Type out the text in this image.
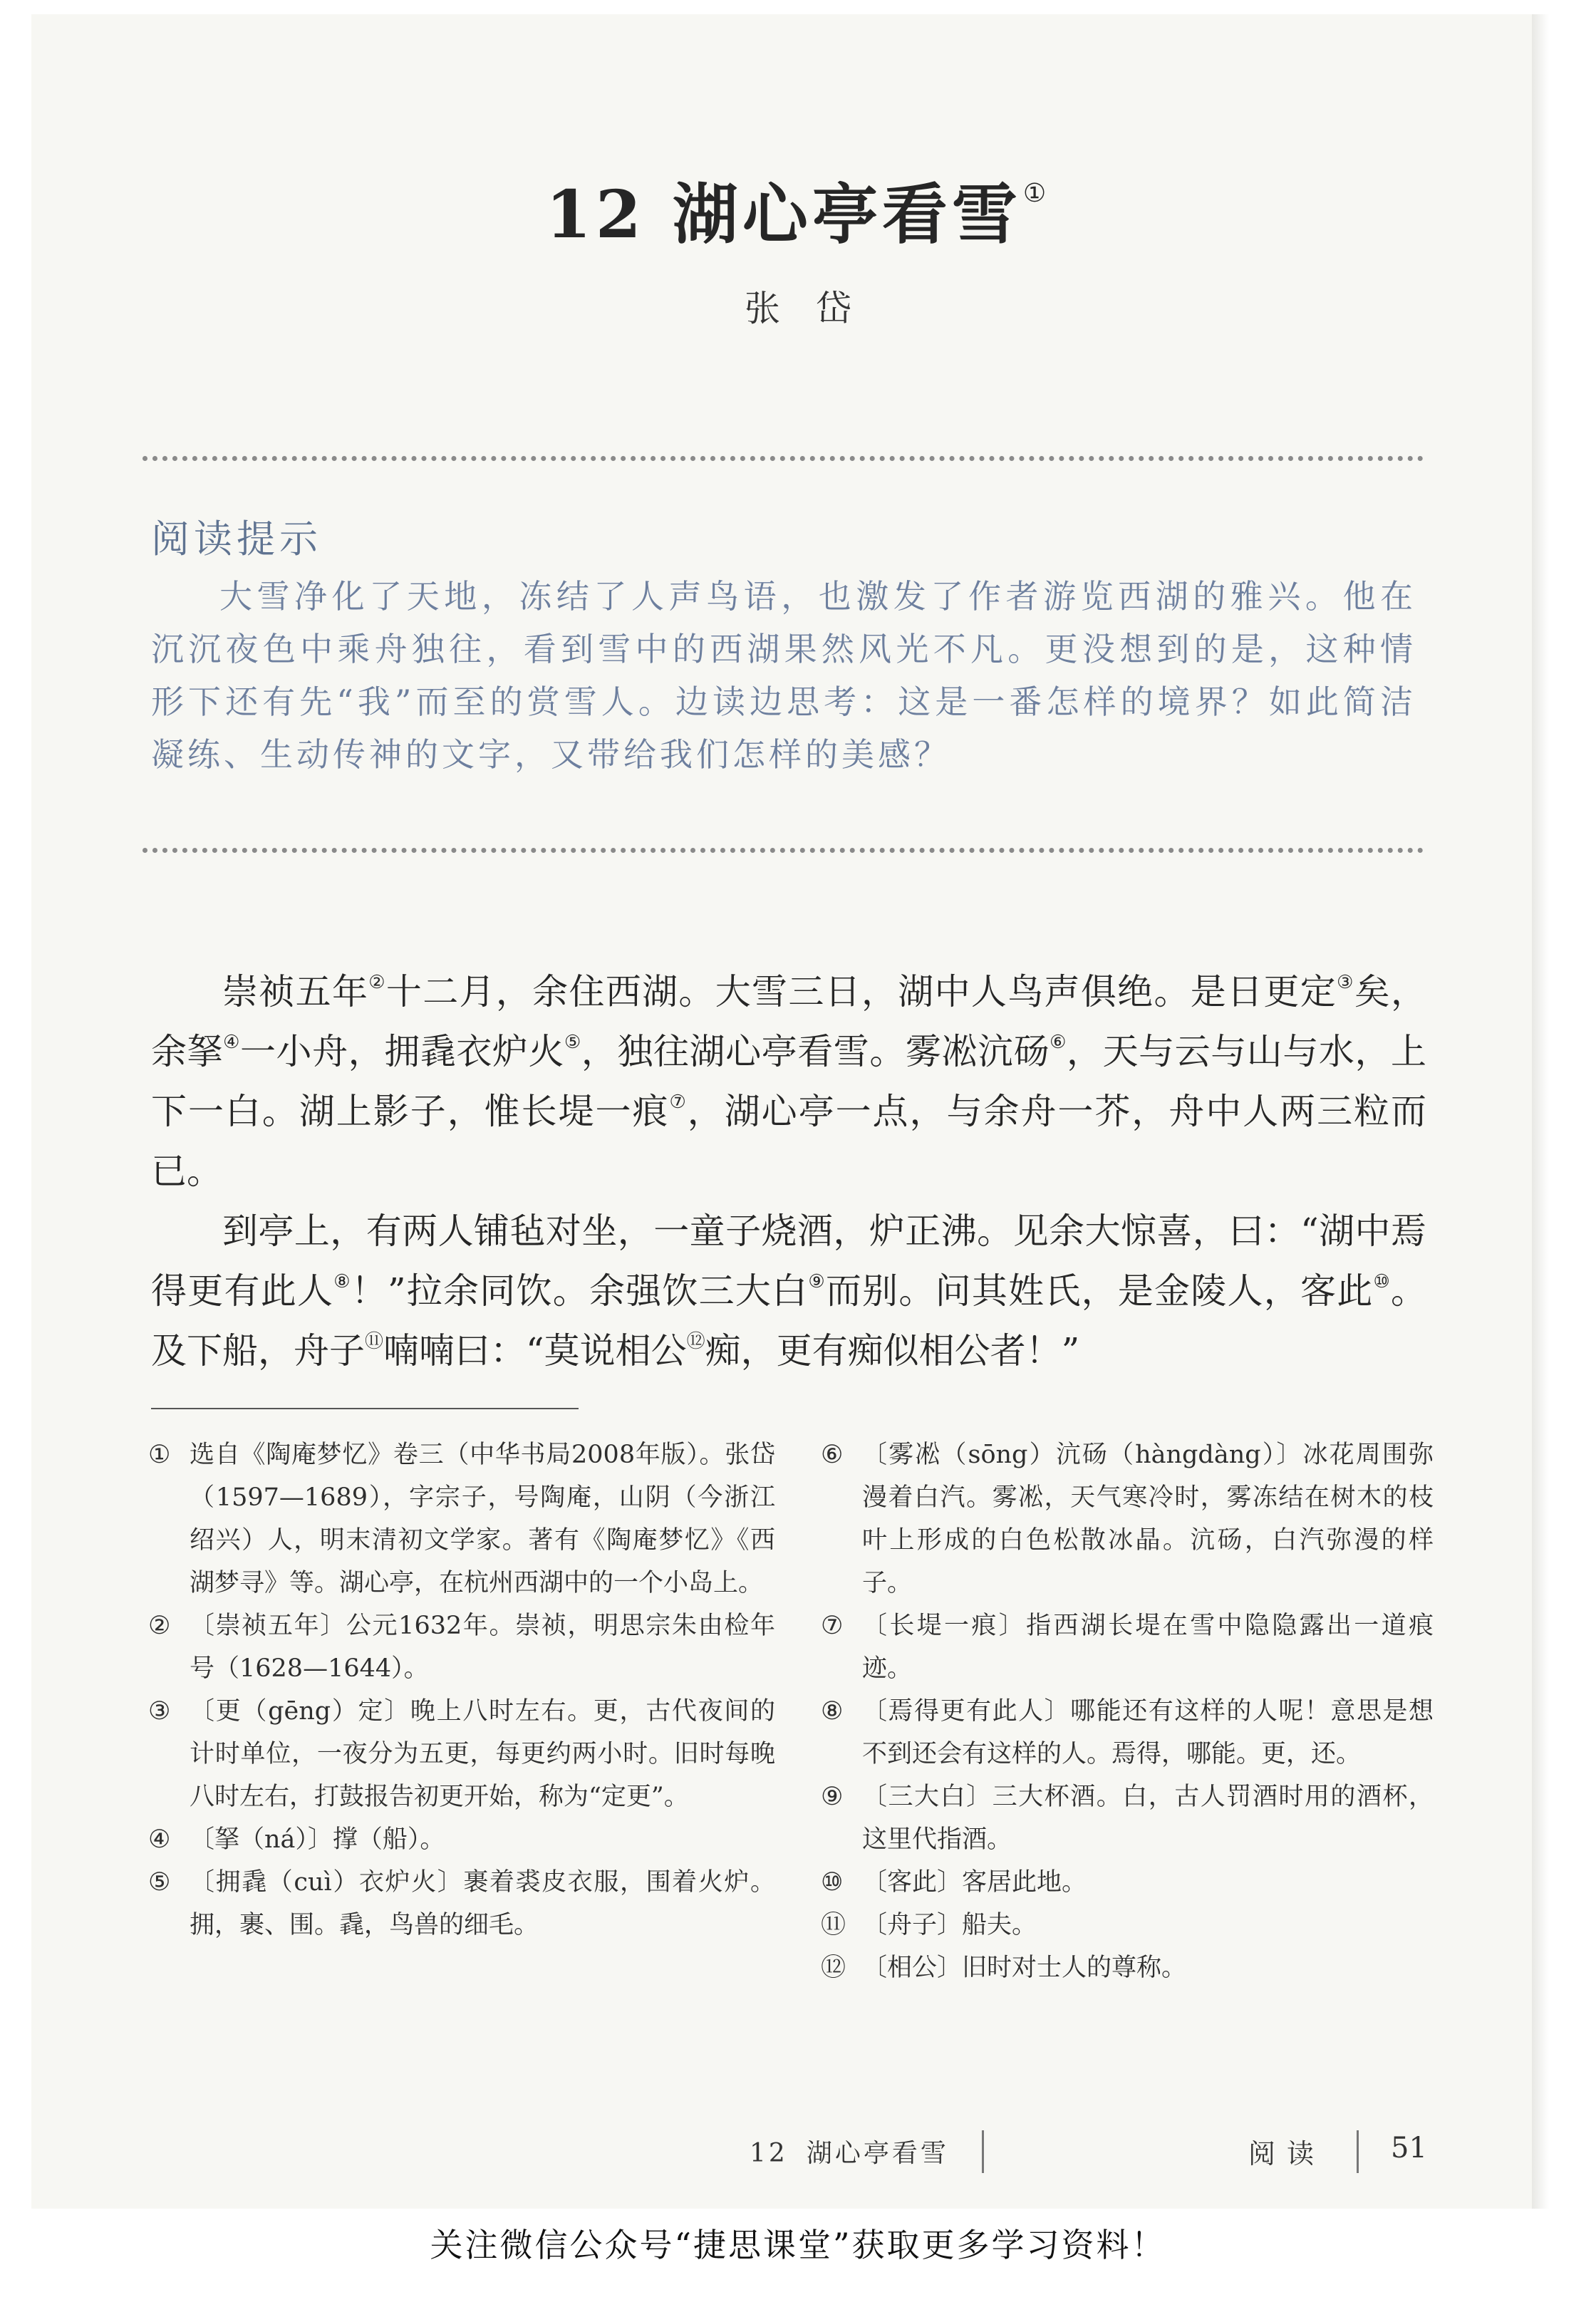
12 湖心亭看雪①
张岱
阅读提示
大雪净化了天地，冻结了人声鸟语，也激发了作者游览西湖的雅兴。他在沉沉夜色中乘舟独往，看到雪中的西湖果然风光不凡。更没想到的是，这种情形下还有先“我”而至的赏雪人。边读边思考：这是一番怎样的境界？如此简洁凝练、生动传神的文字，又带给我们怎样的美感？

崇祯五年②十二月，余住西湖。大雪三日，湖中人鸟声俱绝。是日更定③矣，余拏④一小舟，拥毳衣炉火⑤，独往湖心亭看雪。雾凇沆砀⑥，天与云与山与水，上下一白。湖上影子，惟长堤一痕⑦，湖心亭一点，与余舟一芥，舟中人两三粒而已。

到亭上，有两人铺毡对坐，一童子烧酒，炉正沸。见余大惊喜，曰：“湖中焉得更有此人⑧！”拉余同饮。余强饮三大白⑨而别。问其姓氏，是金陵人，客此⑩。及下船，舟子⑪喃喃曰：“莫说相公⑫痴，更有痴似相公者！”

① 选自《陶庵梦忆》卷三（中华书局2008年版）。张岱（1597—1689），字宗子，号陶庵，山阴（今浙江绍兴）人，明末清初文学家。著有《陶庵梦忆》《西湖梦寻》等。湖心亭，在杭州西湖中的一个小岛上。
② 〔崇祯五年〕公元1632年。崇祯，明思宗朱由检年号（1628—1644）。
③ 〔更（gēng）定〕晚上八时左右。更，古代夜间的计时单位，一夜分为五更，每更约两小时。旧时每晚八时左右，打鼓报告初更开始，称为“定更”。
④ 〔拏（ná）〕撑（船）。
⑤ 〔拥毳（cuì）衣炉火〕裹着裘皮衣服，围着火炉。拥，裹、围。毳，鸟兽的细毛。
⑥ 〔雾凇（sōng）沆砀（hàngdàng）〕冰花周围弥漫着白汽。雾凇，天气寒冷时，雾冻结在树木的枝叶上形成的白色松散冰晶。沆砀，白汽弥漫的样子。
⑦ 〔长堤一痕〕指西湖长堤在雪中隐隐露出一道痕迹。
⑧ 〔焉得更有此人〕哪能还有这样的人呢！意思是想不到还会有这样的人。焉得，哪能。更，还。
⑨ 〔三大白〕三大杯酒。白，古人罚酒时用的酒杯，这里代指酒。
⑩ 〔客此〕客居此地。
⑪ 〔舟子〕船夫。
⑫ 〔相公〕旧时对士人的尊称。
12 湖心亭看雪	阅读 51
关注微信公众号“捷思课堂”获取更多学习资料！
